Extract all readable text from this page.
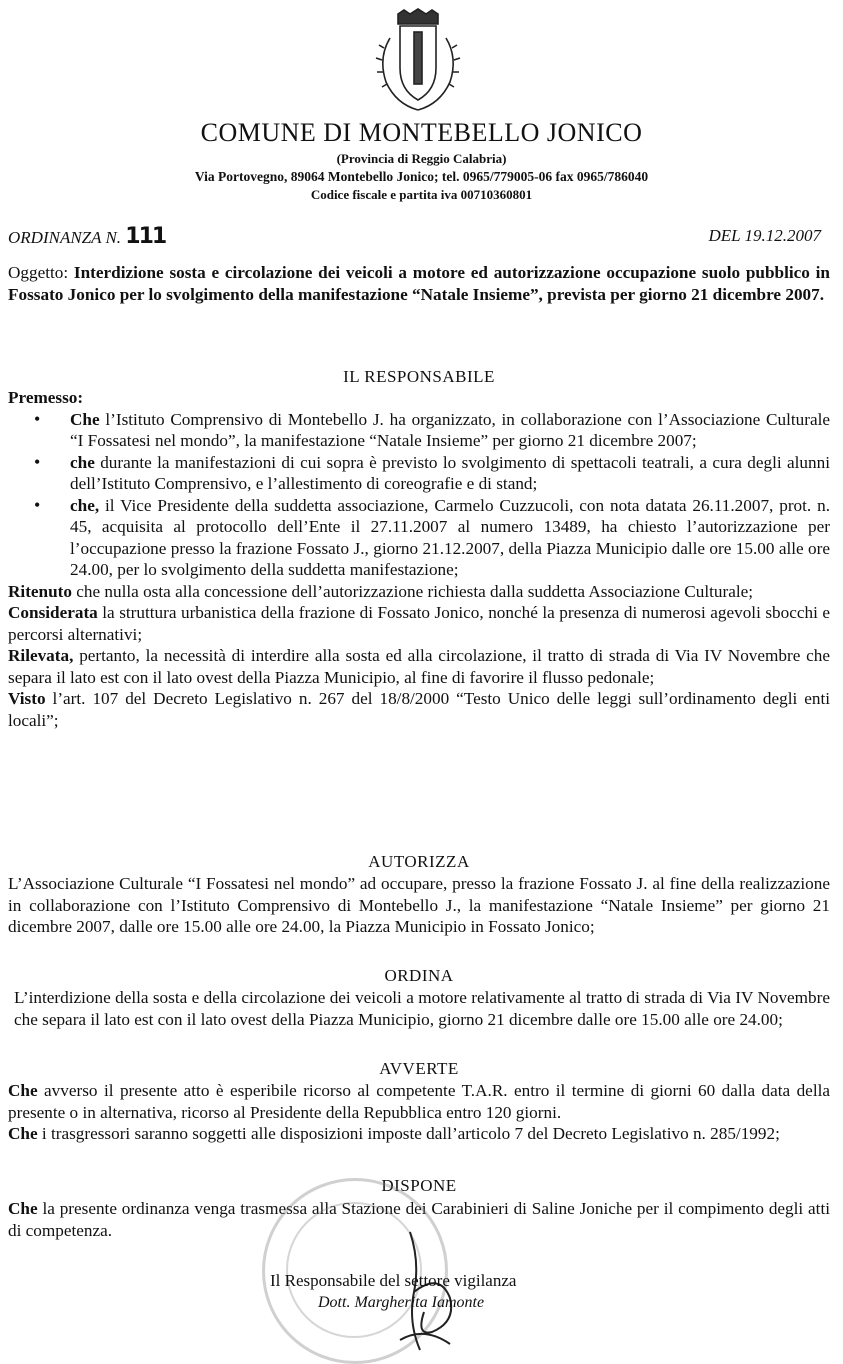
COMUNE DI MONTEBELLO JONICO
(Provincia di Reggio Calabria)
Via Portovegno, 89064 Montebello Jonico; tel. 0965/779005-06 fax 0965/786040
Codice fiscale e partita iva 00710360801
ORDINANZA N. 111	DEL 19.12.2007

Oggetto: Interdizione sosta e circolazione dei veicoli a motore ed autorizzazione occupazione suolo pubblico in Fossato Jonico per lo svolgimento della manifestazione “Natale Insieme”, prevista per giorno 21 dicembre 2007.

IL RESPONSABILE

Premesso:

• Che l’Istituto Comprensivo di Montebello J. ha organizzato, in collaborazione con l’Associazione Culturale “I Fossatesi nel mondo”, la manifestazione “Natale Insieme” per giorno 21 dicembre 2007;
• che durante la manifestazioni di cui sopra è previsto lo svolgimento di spettacoli teatrali, a cura degli alunni dell’Istituto Comprensivo, e l’allestimento di coreografie e di stand;
• che, il Vice Presidente della suddetta associazione, Carmelo Cuzzucoli, con nota datata 26.11.2007, prot. n. 45, acquisita al protocollo dell’Ente il 27.11.2007 al numero 13489, ha chiesto l’autorizzazione per l’occupazione presso la frazione Fossato J., giorno 21.12.2007, della Piazza Municipio dalle ore 15.00 alle ore 24.00, per lo svolgimento della suddetta manifestazione;

Ritenuto che nulla osta alla concessione dell’autorizzazione richiesta dalla suddetta Associazione Culturale;

Considerata la struttura urbanistica della frazione di Fossato Jonico, nonché la presenza di numerosi agevoli sbocchi e percorsi alternativi;

Rilevata, pertanto, la necessità di interdire alla sosta ed alla circolazione, il tratto di strada di Via IV Novembre che separa il lato est con il lato ovest della Piazza Municipio, al fine di favorire il flusso pedonale;

Visto l’art. 107 del Decreto Legislativo n. 267 del 18/8/2000 “Testo Unico delle leggi sull’ordinamento degli enti locali”;

AUTORIZZA
L’Associazione Culturale “I Fossatesi nel mondo” ad occupare, presso la frazione Fossato J. al fine della realizzazione in collaborazione con l’Istituto Comprensivo di Montebello J., la manifestazione “Natale Insieme” per giorno 21 dicembre 2007, dalle ore 15.00 alle ore 24.00, la Piazza Municipio in Fossato Jonico;
ORDINA
L’interdizione della sosta e della circolazione dei veicoli a motore relativamente al tratto di strada di Via IV Novembre che separa il lato est con il lato ovest della Piazza Municipio, giorno 21 dicembre dalle ore 15.00 alle ore 24.00;
AVVERTE

Che avverso il presente atto è esperibile ricorso al competente T.A.R. entro il termine di giorni 60 dalla data della presente o in alternativa, ricorso al Presidente della Repubblica entro 120 giorni.

Che i trasgressori saranno soggetti alle disposizioni imposte dall’articolo 7 del Decreto Legislativo n. 285/1992;

DISPONE
Che la presente ordinanza venga trasmessa alla Stazione dei Carabinieri di Saline Joniche per il compimento degli atti di competenza.
Il Responsabile del settore vigilanza
Dott. Margherita Iamonte
